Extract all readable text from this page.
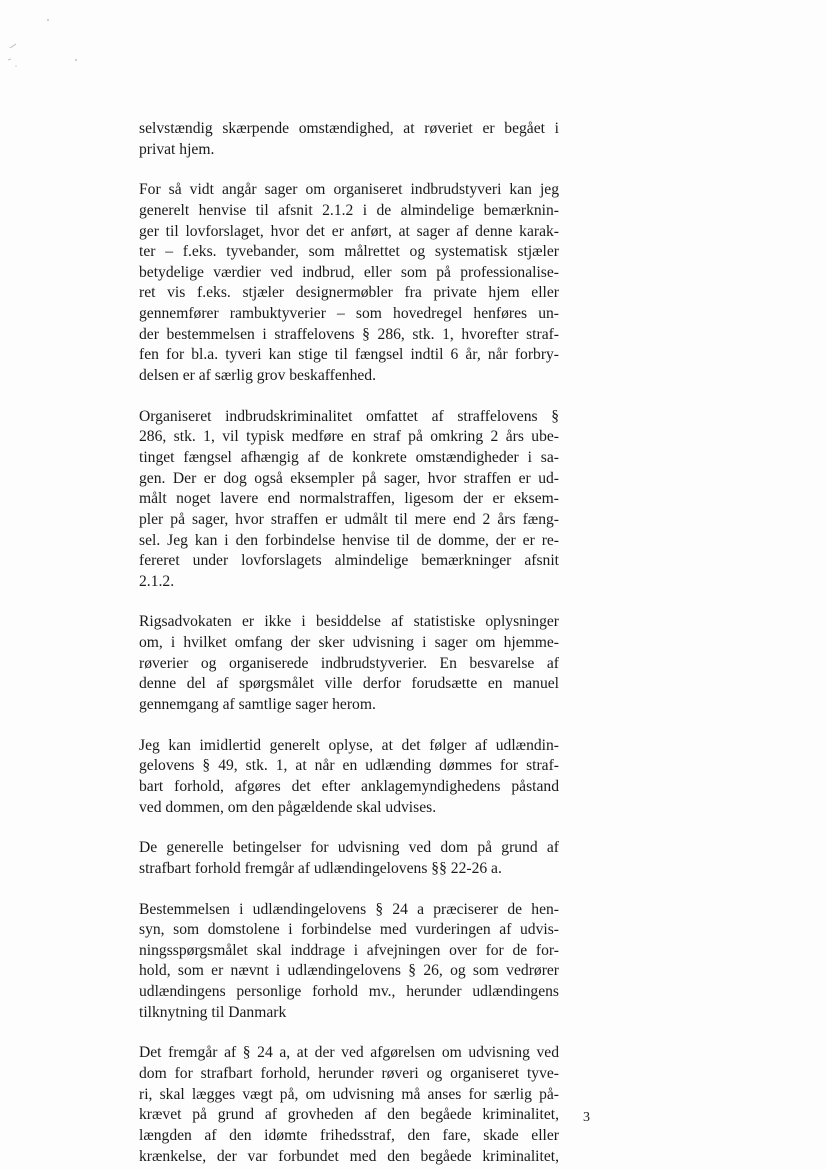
selvstændig skærpende omstændighed, at røveriet er begået i
privat hjem.

For så vidt angår sager om organiseret indbrudstyveri kan jeg
generelt henvise til afsnit 2.1.2 i de almindelige bemærknin-
ger til lovforslaget, hvor det er anført, at sager af denne karak-
ter – f.eks. tyvebander, som målrettet og systematisk stjæler
betydelige værdier ved indbrud, eller som på professionalise-
ret vis f.eks. stjæler designermøbler fra private hjem eller
gennemfører rambuktyverier – som hovedregel henføres un-
der bestemmelsen i straffelovens § 286, stk. 1, hvorefter straf-
fen for bl.a. tyveri kan stige til fængsel indtil 6 år, når forbry-
delsen er af særlig grov beskaffenhed.

Organiseret indbrudskriminalitet omfattet af straffelovens §
286, stk. 1, vil typisk medføre en straf på omkring 2 års ube-
tinget fængsel afhængig af de konkrete omstændigheder i sa-
gen. Der er dog også eksempler på sager, hvor straffen er ud-
målt noget lavere end normalstraffen, ligesom der er eksem-
pler på sager, hvor straffen er udmålt til mere end 2 års fæng-
sel. Jeg kan i den forbindelse henvise til de domme, der er re-
fereret under lovforslagets almindelige bemærkninger afsnit
2.1.2.

Rigsadvokaten er ikke i besiddelse af statistiske oplysninger
om, i hvilket omfang der sker udvisning i sager om hjemme-
røverier og organiserede indbrudstyverier. En besvarelse af
denne del af spørgsmålet ville derfor forudsætte en manuel
gennemgang af samtlige sager herom.

Jeg kan imidlertid generelt oplyse, at det følger af udlændin-
gelovens § 49, stk. 1, at når en udlænding dømmes for straf-
bart forhold, afgøres det efter anklagemyndighedens påstand
ved dommen, om den pågældende skal udvises.

De generelle betingelser for udvisning ved dom på grund af
strafbart forhold fremgår af udlændingelovens §§ 22-26 a.

Bestemmelsen i udlændingelovens § 24 a præciserer de hen-
syn, som domstolene i forbindelse med vurderingen af udvis-
ningsspørgsmålet skal inddrage i afvejningen over for de for-
hold, som er nævnt i udlændingelovens § 26, og som vedrører
udlændingens personlige forhold mv., herunder udlændingens
tilknytning til Danmark

Det fremgår af § 24 a, at der ved afgørelsen om udvisning ved
dom for strafbart forhold, herunder røveri og organiseret tyve-
ri, skal lægges vægt på, om udvisning må anses for særlig på-
krævet på grund af grovheden af den begåede kriminalitet,
længden af den idømte frihedsstraf, den fare, skade eller
krænkelse, der var forbundet med den begåede kriminalitet,

3
